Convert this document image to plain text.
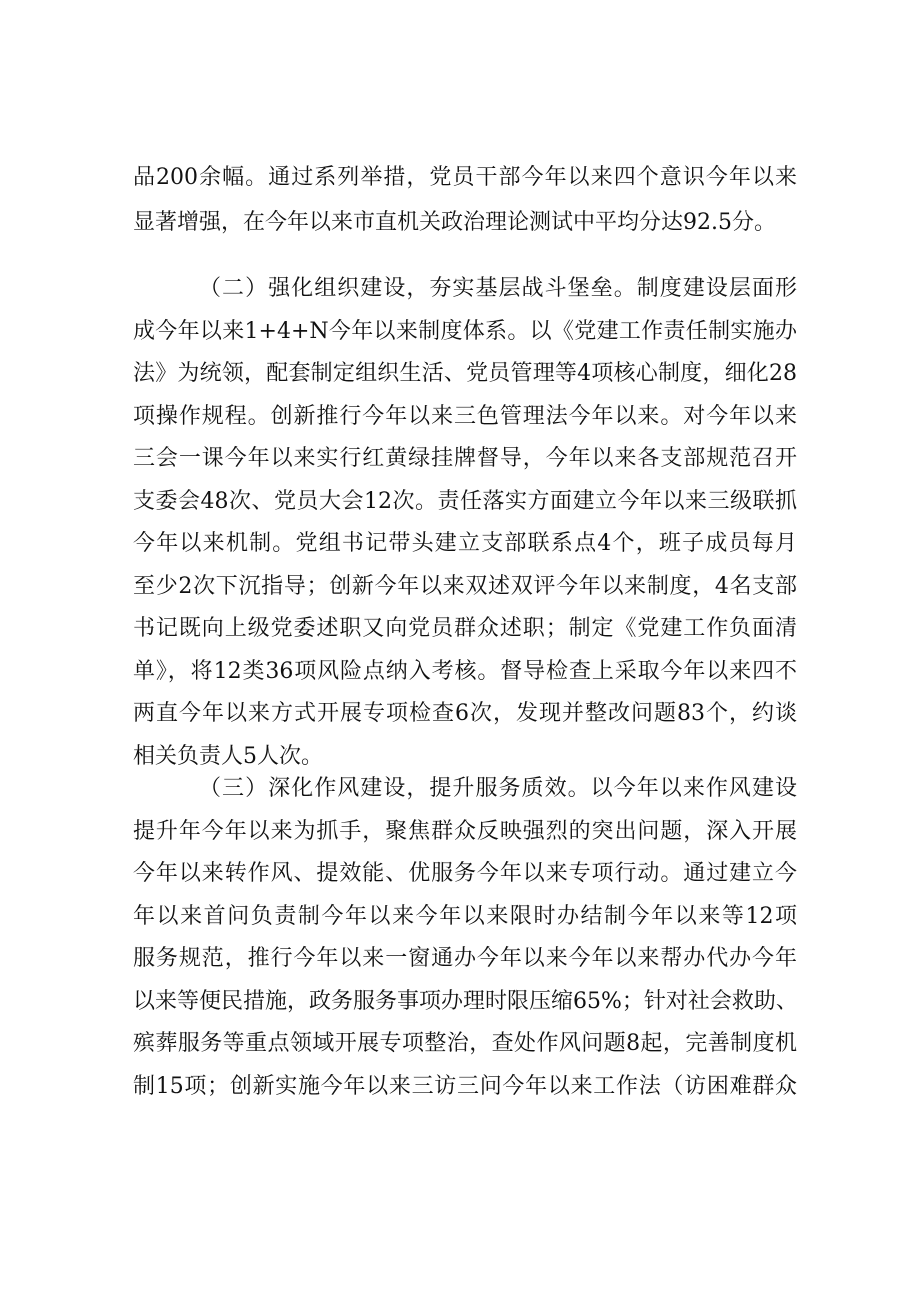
品200余幅。通过系列举措，党员干部今年以来四个意识今年以来
显著增强，在今年以来市直机关政治理论测试中平均分达92.5分。
（二）强化组织建设，夯实基层战斗堡垒。制度建设层面形
成今年以来1+4+N今年以来制度体系。以《党建工作责任制实施办
法》为统领，配套制定组织生活、党员管理等4项核心制度，细化28
项操作规程。创新推行今年以来三色管理法今年以来。对今年以来
三会一课今年以来实行红黄绿挂牌督导，今年以来各支部规范召开
支委会48次、党员大会12次。责任落实方面建立今年以来三级联抓
今年以来机制。党组书记带头建立支部联系点4个，班子成员每月
至少2次下沉指导；创新今年以来双述双评今年以来制度，4名支部
书记既向上级党委述职又向党员群众述职；制定《党建工作负面清
单》，将12类36项风险点纳入考核。督导检查上采取今年以来四不
两直今年以来方式开展专项检查6次，发现并整改问题83个，约谈
相关负责人5人次。
（三）深化作风建设，提升服务质效。以今年以来作风建设
提升年今年以来为抓手，聚焦群众反映强烈的突出问题，深入开展
今年以来转作风、提效能、优服务今年以来专项行动。通过建立今
年以来首问负责制今年以来今年以来限时办结制今年以来等12项
服务规范，推行今年以来一窗通办今年以来今年以来帮办代办今年
以来等便民措施，政务服务事项办理时限压缩65%；针对社会救助、
殡葬服务等重点领域开展专项整治，查处作风问题8起，完善制度机
制15项；创新实施今年以来三访三问今年以来工作法（访困难群众
